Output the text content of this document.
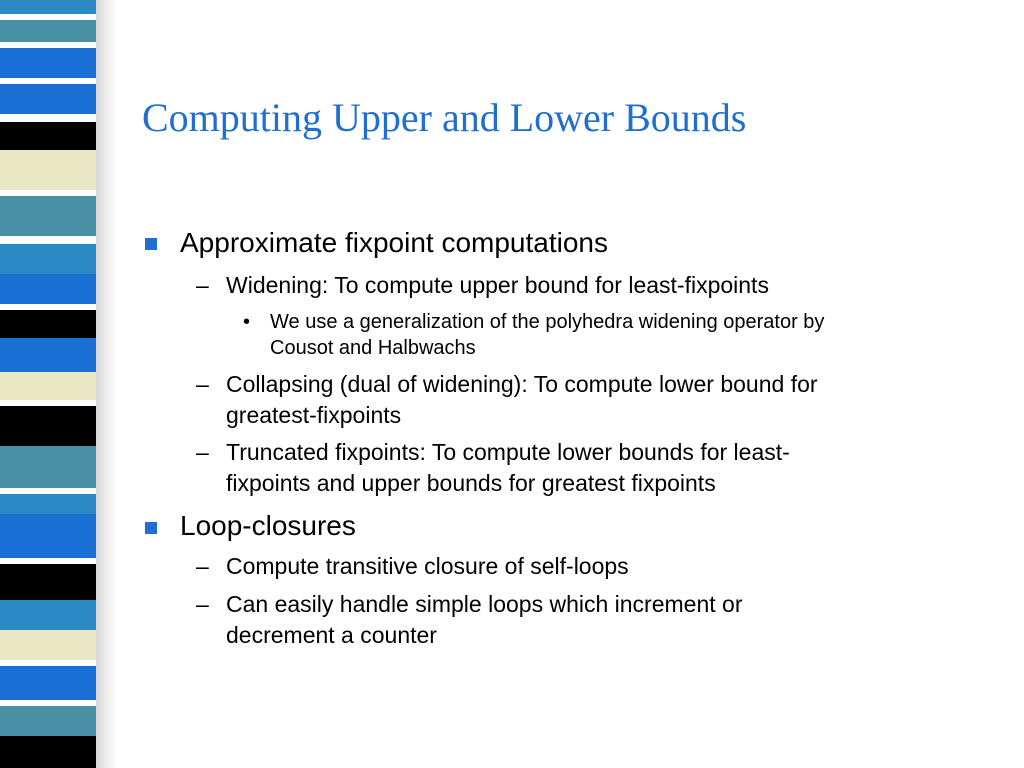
Computing Upper and Lower Bounds
Approximate fixpoint computations
– Widening: To compute upper bound for least-fixpoints
• We use a generalization of the polyhedra widening operator by
Cousot and Halbwachs
– Collapsing (dual of widening): To compute lower bound for
greatest-fixpoints
– Truncated fixpoints: To compute lower bounds for least-
fixpoints and upper bounds for greatest fixpoints
Loop-closures
– Compute transitive closure of self-loops
– Can easily handle simple loops which increment or
decrement a counter
